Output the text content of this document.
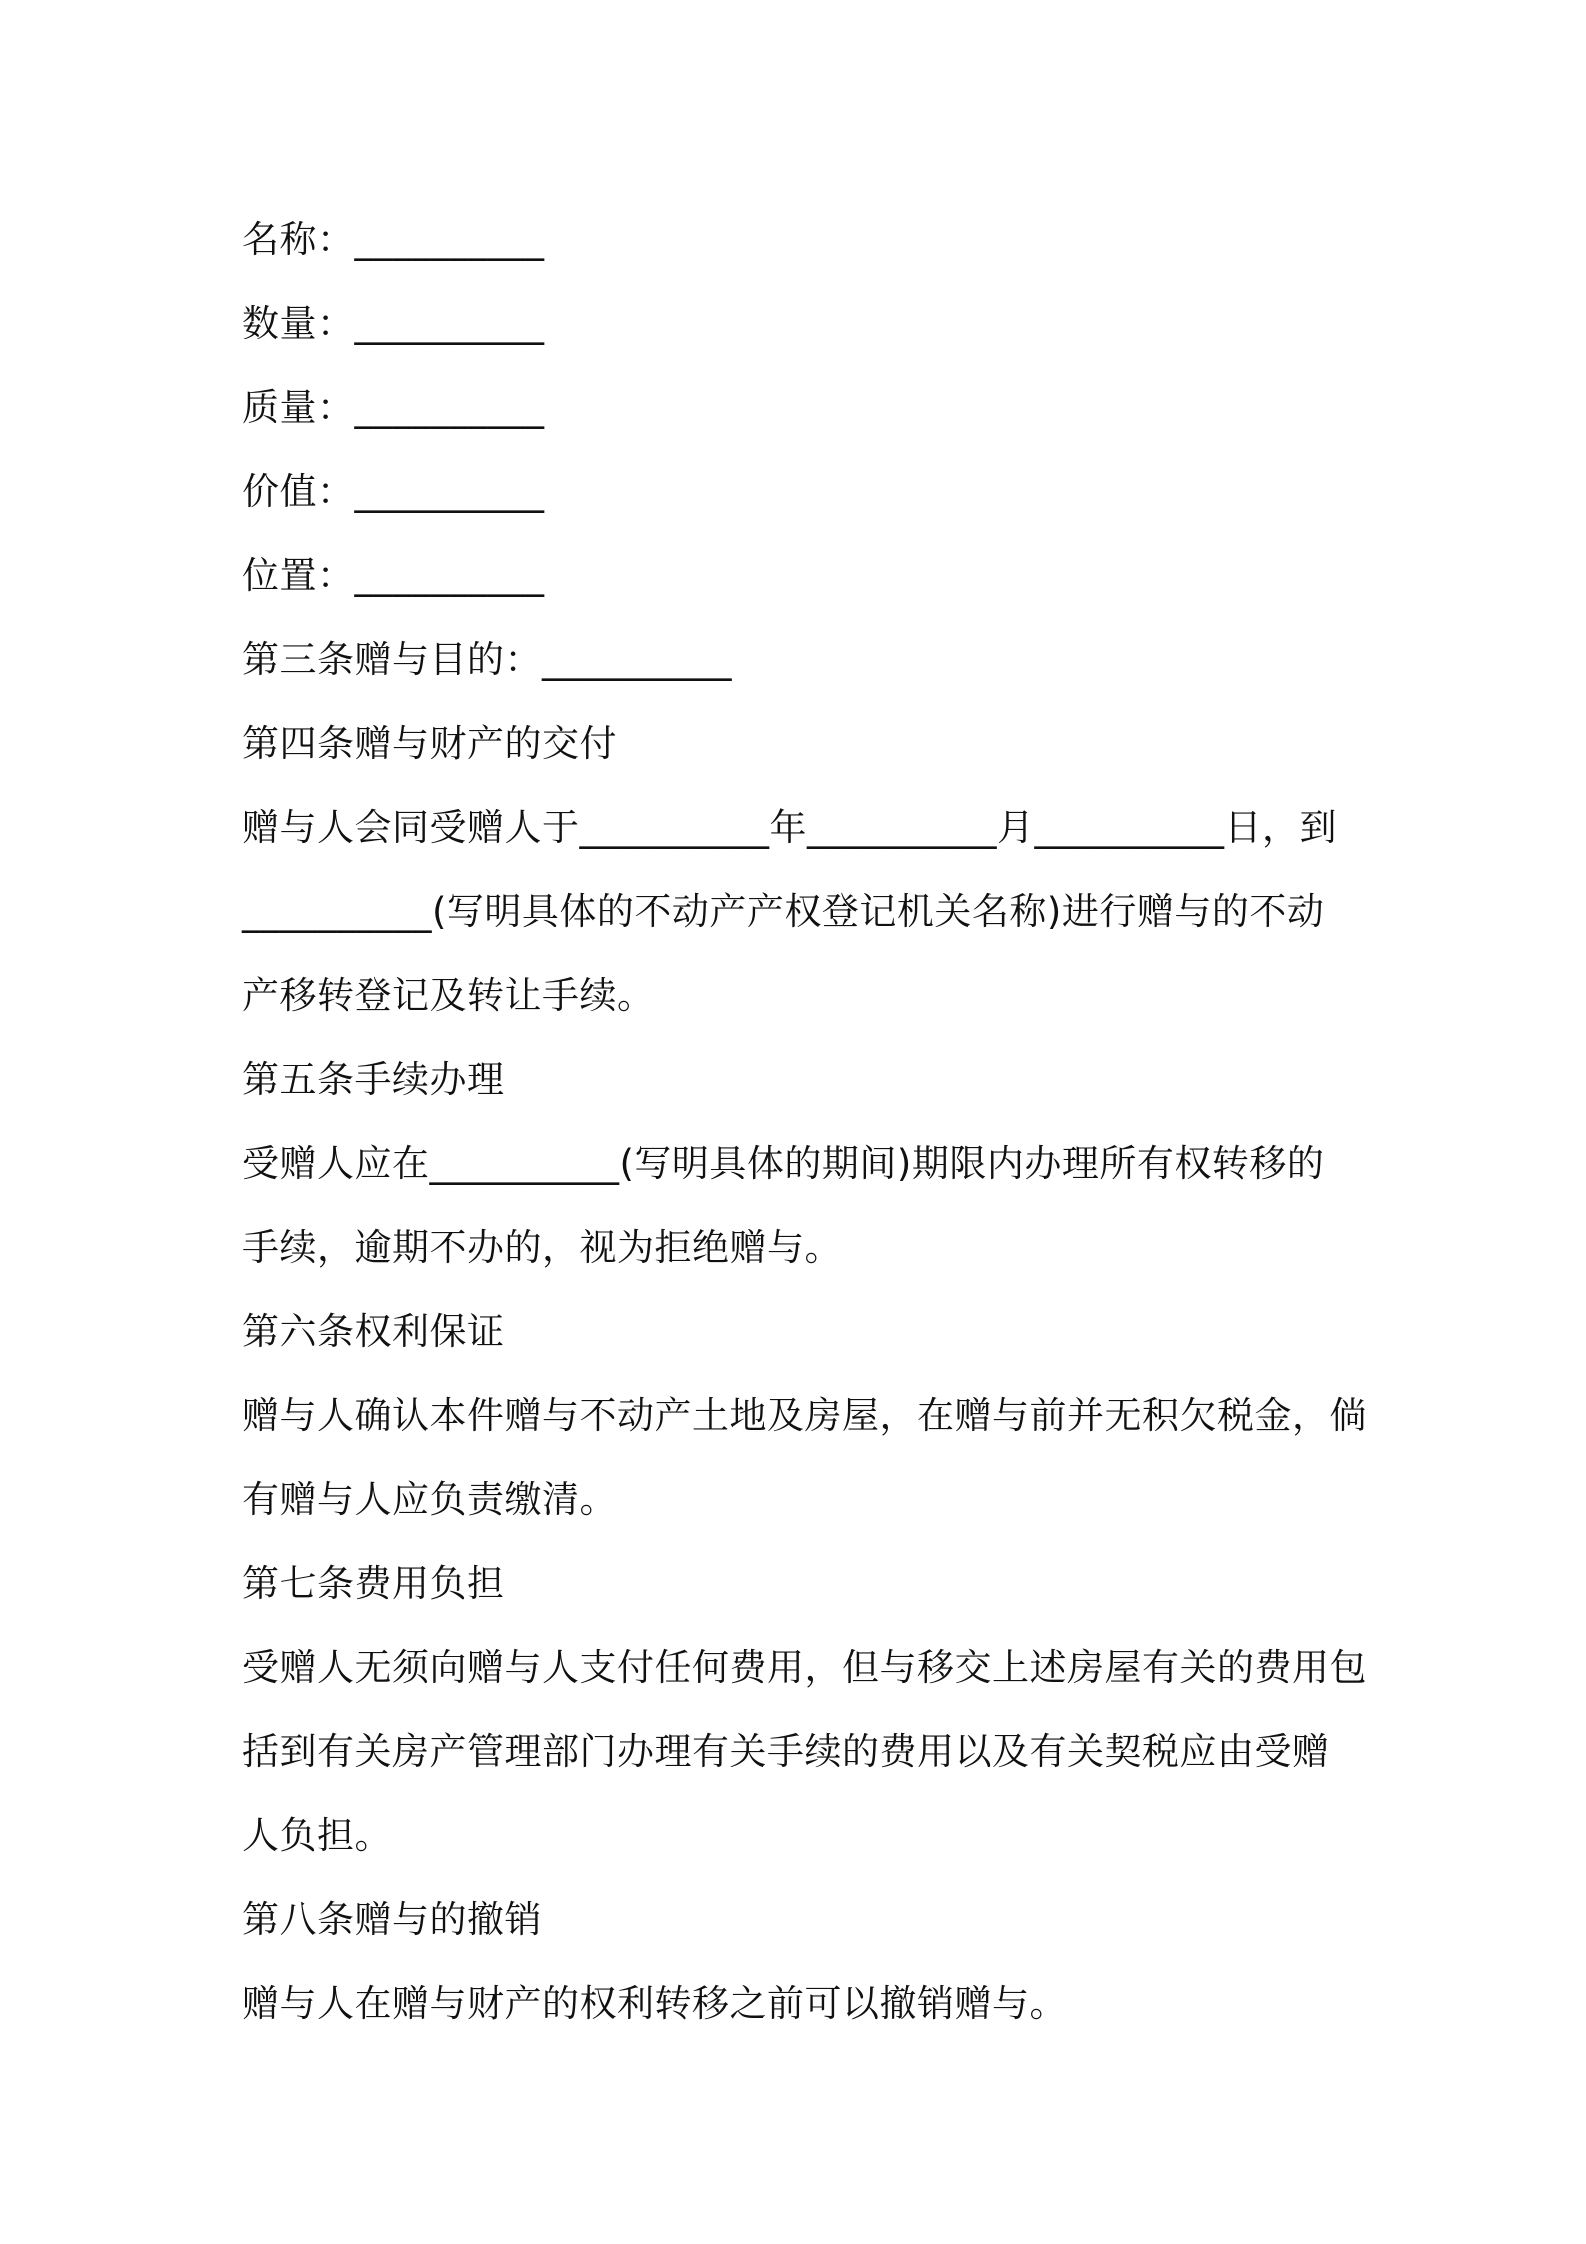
名称：__________
数量：__________
质量：__________
价值：__________
位置：__________
第三条赠与目的：__________
第四条赠与财产的交付
赠与人会同受赠人于__________年__________月__________日，到
__________(写明具体的不动产产权登记机关名称)进行赠与的不动
产移转登记及转让手续。
第五条手续办理
受赠人应在__________(写明具体的期间)期限内办理所有权转移的
手续，逾期不办的，视为拒绝赠与。
第六条权利保证
赠与人确认本件赠与不动产土地及房屋，在赠与前并无积欠税金，倘
有赠与人应负责缴清。
第七条费用负担
受赠人无须向赠与人支付任何费用，但与移交上述房屋有关的费用包
括到有关房产管理部门办理有关手续的费用以及有关契税应由受赠
人负担。
第八条赠与的撤销
赠与人在赠与财产的权利转移之前可以撤销赠与。
